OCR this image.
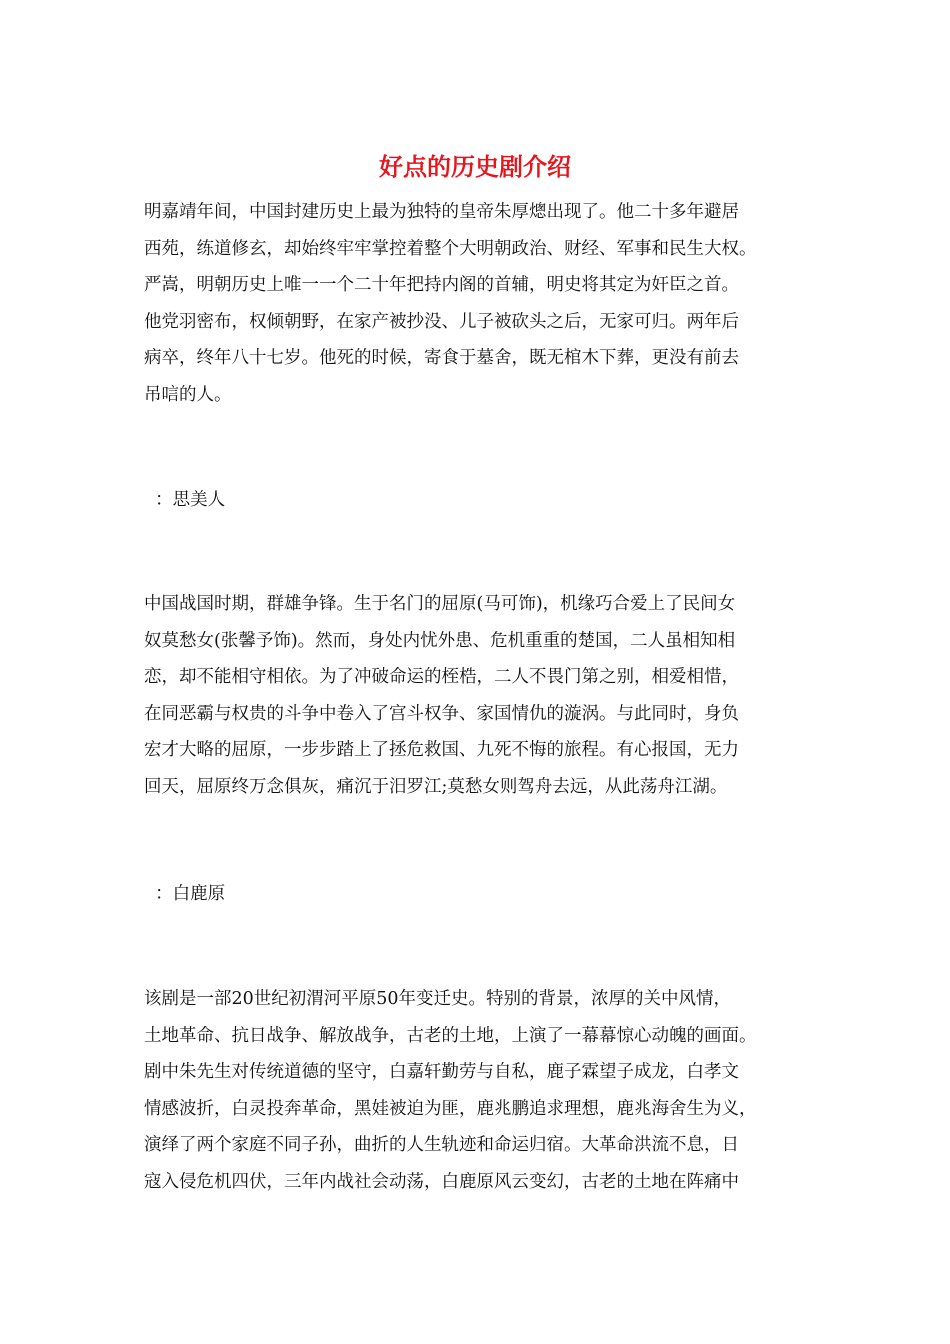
好点的历史剧介绍
明嘉靖年间，中国封建历史上最为独特的皇帝朱厚熜出现了。他二十多年避居
西苑，练道修玄，却始终牢牢掌控着整个大明朝政治、财经、军事和民生大权。
严嵩，明朝历史上唯一一个二十年把持内阁的首辅，明史将其定为奸臣之首。
他党羽密布，权倾朝野，在家产被抄没、儿子被砍头之后，无家可归。两年后
病卒，终年八十七岁。他死的时候，寄食于墓舍，既无棺木下葬，更没有前去
吊唁的人。

：思美人

中国战国时期，群雄争锋。生于名门的屈原(马可饰)，机缘巧合爱上了民间女
奴莫愁女(张馨予饰)。然而，身处内忧外患、危机重重的楚国，二人虽相知相
恋，却不能相守相依。为了冲破命运的桎梏，二人不畏门第之别，相爱相惜，
在同恶霸与权贵的斗争中卷入了宫斗权争、家国情仇的漩涡。与此同时，身负
宏才大略的屈原，一步步踏上了拯危救国、九死不悔的旅程。有心报国，无力
回天，屈原终万念俱灰，痛沉于汨罗江;莫愁女则驾舟去远，从此荡舟江湖。

：白鹿原

该剧是一部20世纪初渭河平原50年变迁史。特别的背景，浓厚的关中风情，
土地革命、抗日战争、解放战争，古老的土地，上演了一幕幕惊心动魄的画面。
剧中朱先生对传统道德的坚守，白嘉轩勤劳与自私，鹿子霖望子成龙，白孝文
情感波折，白灵投奔革命，黑娃被迫为匪，鹿兆鹏追求理想，鹿兆海舍生为义，
演绎了两个家庭不同子孙，曲折的人生轨迹和命运归宿。大革命洪流不息，日
寇入侵危机四伏，三年内战社会动荡，白鹿原风云变幻，古老的土地在阵痛中
